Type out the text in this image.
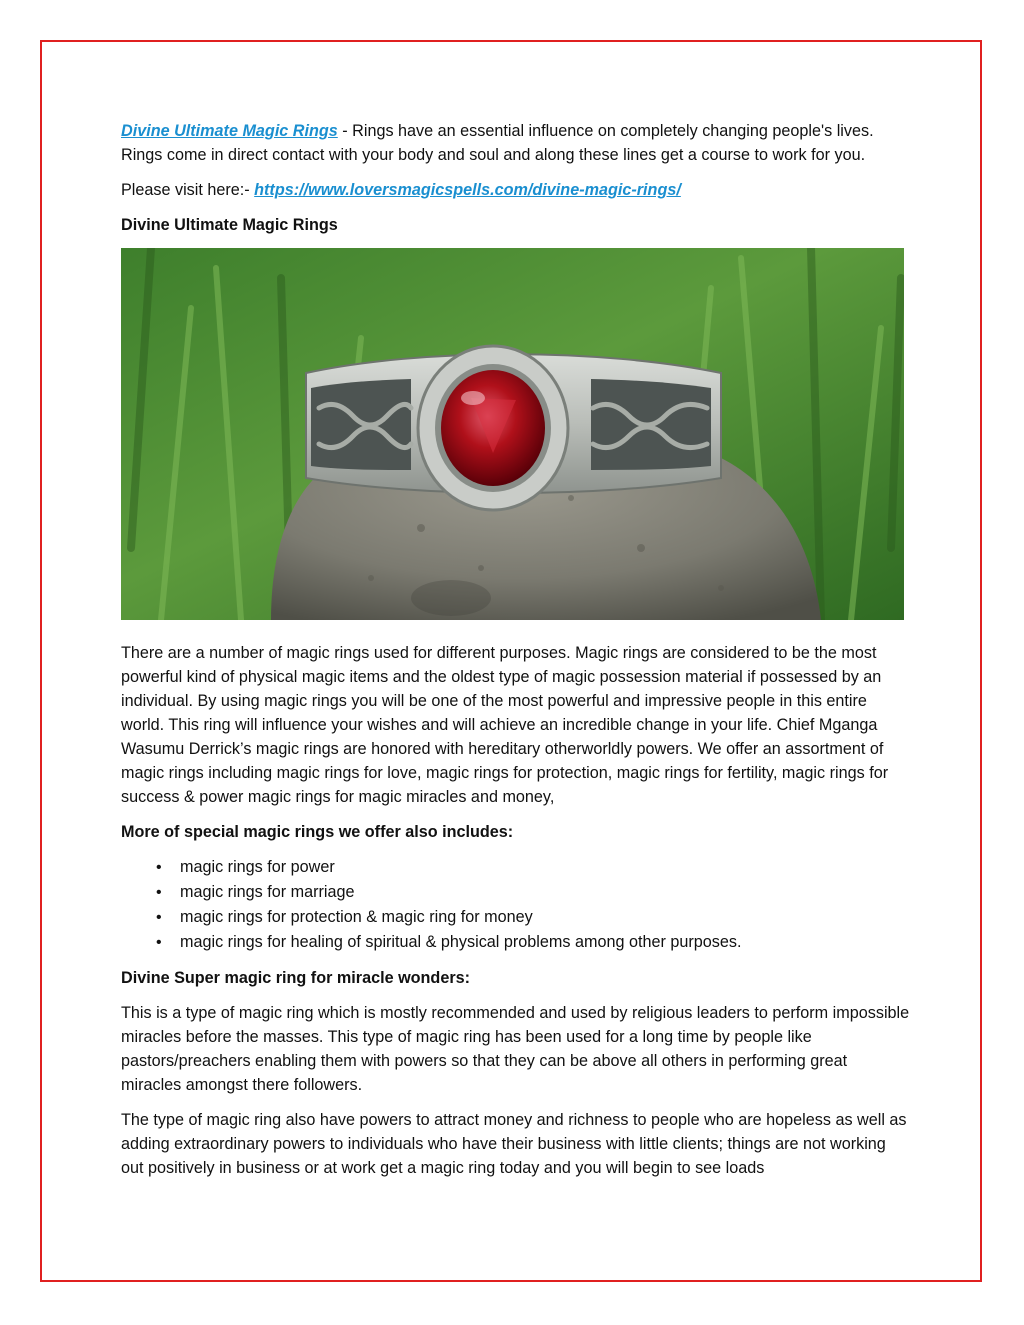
Divine Ultimate Magic Rings - Rings have an essential influence on completely changing people's lives. Rings come in direct contact with your body and soul and along these lines get a course to work for you.

Please visit here:- https://www.loversmagicspells.com/divine-magic-rings/

Divine Ultimate Magic Rings

There are a number of magic rings used for different purposes. Magic rings are considered to be the most powerful kind of physical magic items and the oldest type of magic possession material if possessed by an individual. By using magic rings you will be one of the most powerful and impressive people in this entire world. This ring will influence your wishes and will achieve an incredible change in your life. Chief Mganga Wasumu Derrick’s magic rings are honored with hereditary otherworldly powers. We offer an assortment of magic rings including magic rings for love, magic rings for protection, magic rings for fertility, magic rings for success & power magic rings for magic miracles and money,

More of special magic rings we offer also includes:

• magic rings for power
• magic rings for marriage
• magic rings for protection & magic ring for money
• magic rings for healing of spiritual & physical problems among other purposes.

Divine Super magic ring for miracle wonders:

This is a type of magic ring which is mostly recommended and used by religious leaders to perform impossible miracles before the masses. This type of magic ring has been used for a long time by people like pastors/preachers enabling them with powers so that they can be above all others in performing great miracles amongst there followers.

The type of magic ring also have powers to attract money and richness to people who are hopeless as well as adding extraordinary powers to individuals who have their business with little clients; things are not working out positively in business or at work get a magic ring today and you will begin to see loads
